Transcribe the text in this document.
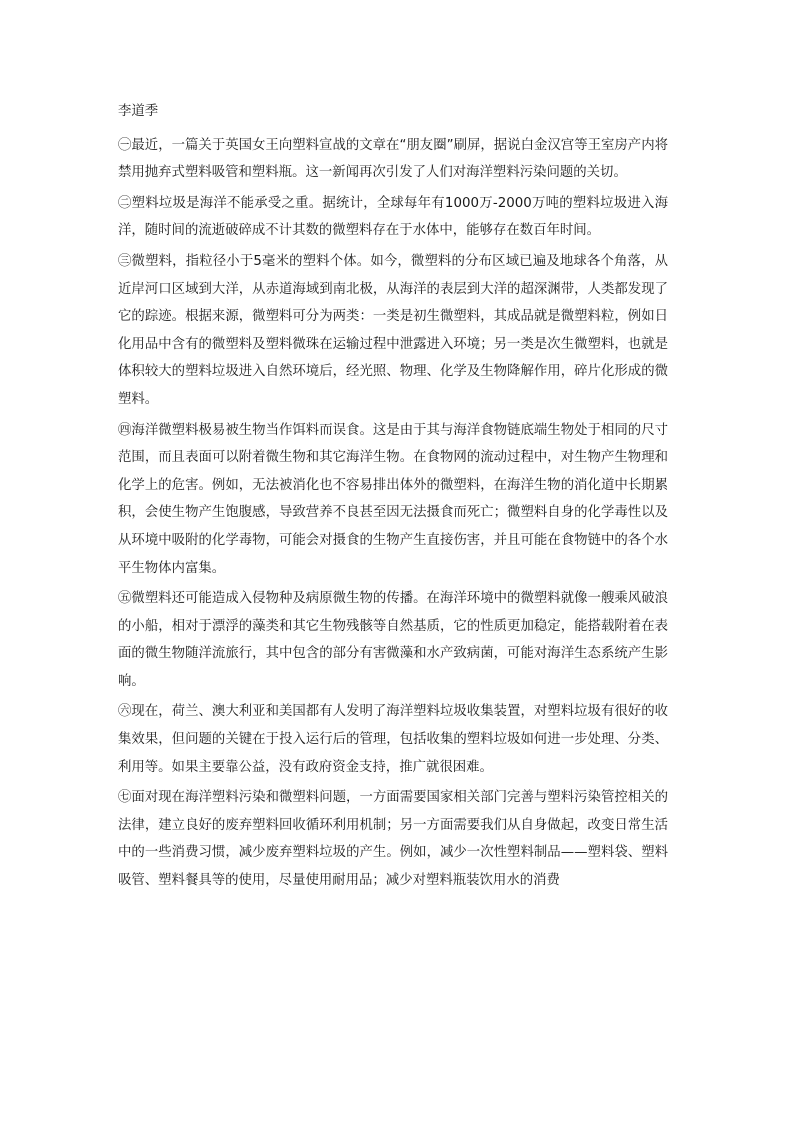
李道季

㊀最近，一篇关于英国女王向塑料宣战的文章在“朋友圈”刷屏，据说白金汉宫等王室房产内将禁用抛弃式塑料吸管和塑料瓶。这一新闻再次引发了人们对海洋塑料污染问题的关切。

㊁塑料垃圾是海洋不能承受之重。据统计，全球每年有1000万-2000万吨的塑料垃圾进入海洋，随时间的流逝破碎成不计其数的微塑料存在于水体中，能够存在数百年时间。

㊂微塑料，指粒径小于5毫米的塑料个体。如今，微塑料的分布区域已遍及地球各个角落，从近岸河口区域到大洋，从赤道海域到南北极，从海洋的表层到大洋的超深渊带，人类都发现了它的踪迹。根据来源，微塑料可分为两类：一类是初生微塑料，其成品就是微塑料粒，例如日化用品中含有的微塑料及塑料微珠在运输过程中泄露进入环境；另一类是次生微塑料，也就是体积较大的塑料垃圾进入自然环境后，经光照、物理、化学及生物降解作用，碎片化形成的微塑料。

㊃海洋微塑料极易被生物当作饵料而误食。这是由于其与海洋食物链底端生物处于相同的尺寸范围，而且表面可以附着微生物和其它海洋生物。在食物网的流动过程中，对生物产生物理和化学上的危害。例如，无法被消化也不容易排出体外的微塑料，在海洋生物的消化道中长期累积，会使生物产生饱腹感，导致营养不良甚至因无法摄食而死亡；微塑料自身的化学毒性以及从环境中吸附的化学毒物，可能会对摄食的生物产生直接伤害，并且可能在食物链中的各个水平生物体内富集。

㊄微塑料还可能造成入侵物种及病原微生物的传播。在海洋环境中的微塑料就像一艘乘风破浪的小船，相对于漂浮的藻类和其它生物残骸等自然基质，它的性质更加稳定，能搭载附着在表面的微生物随洋流旅行，其中包含的部分有害微藻和水产致病菌，可能对海洋生态系统产生影响。

㊅现在，荷兰、澳大利亚和美国都有人发明了海洋塑料垃圾收集装置，对塑料垃圾有很好的收集效果，但问题的关键在于投入运行后的管理，包括收集的塑料垃圾如何进一步处理、分类、利用等。如果主要靠公益，没有政府资金支持，推广就很困难。

㊆面对现在海洋塑料污染和微塑料问题，一方面需要国家相关部门完善与塑料污染管控相关的法律，建立良好的废弃塑料回收循环利用机制；另一方面需要我们从自身做起，改变日常生活中的一些消费习惯，减少废弃塑料垃圾的产生。例如，减少一次性塑料制品——塑料袋、塑料吸管、塑料餐具等的使用，尽量使用耐用品；减少对塑料瓶装饮用水的消费
